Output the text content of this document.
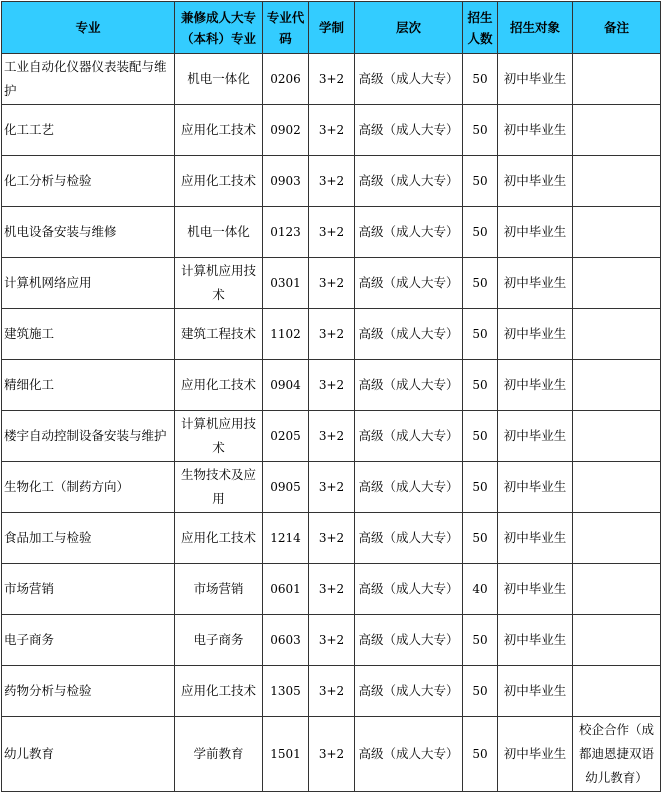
专业	兼修成人大专（本科）专业	专业代码	学制	层次	招生人数	招生对象	备注
工业自动化仪器仪表装配与维护	机电一体化	0206	3+2	高级（成人大专）	50	初中毕业生	
化工工艺	应用化工技术	0902	3+2	高级（成人大专）	50	初中毕业生	
化工分析与检验	应用化工技术	0903	3+2	高级（成人大专）	50	初中毕业生	
机电设备安装与维修	机电一体化	0123	3+2	高级（成人大专）	50	初中毕业生	
计算机网络应用	计算机应用技术	0301	3+2	高级（成人大专）	50	初中毕业生	
建筑施工	建筑工程技术	1102	3+2	高级（成人大专）	50	初中毕业生	
精细化工	应用化工技术	0904	3+2	高级（成人大专）	50	初中毕业生	
楼宇自动控制设备安装与维护	计算机应用技术	0205	3+2	高级（成人大专）	50	初中毕业生	
生物化工（制药方向）	生物技术及应用	0905	3+2	高级（成人大专）	50	初中毕业生	
食品加工与检验	应用化工技术	1214	3+2	高级（成人大专）	50	初中毕业生	
市场营销	市场营销	0601	3+2	高级（成人大专）	40	初中毕业生	
电子商务	电子商务	0603	3+2	高级（成人大专）	50	初中毕业生	
药物分析与检验	应用化工技术	1305	3+2	高级（成人大专）	50	初中毕业生	
幼儿教育	学前教育	1501	3+2	高级（成人大专）	50	初中毕业生	校企合作（成都迪恩捷双语幼儿教育）
